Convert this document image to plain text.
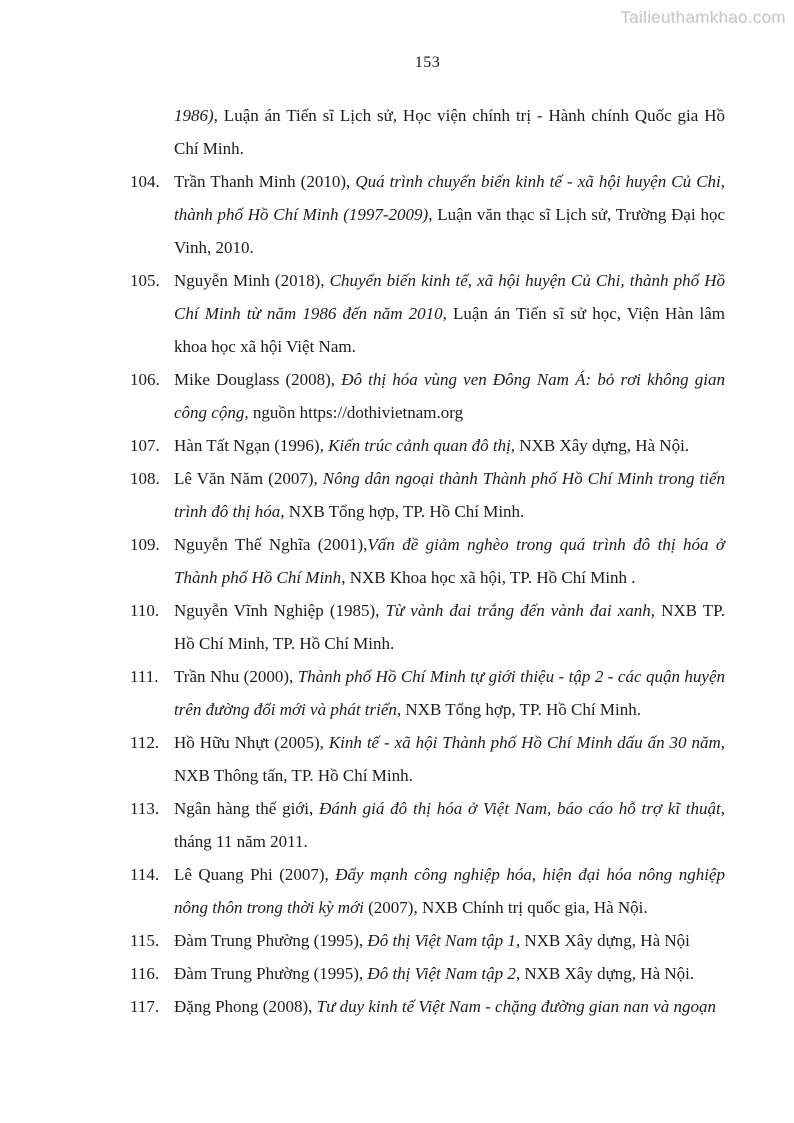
Tailieuthamkhao.com
153
1986), Luận án Tiến sĩ Lịch sử, Học viện chính trị - Hành chính Quốc gia Hồ Chí Minh.
104. Trần Thanh Minh (2010), Quá trình chuyển biến kinh tế - xã hội huyện Củ Chi, thành phố Hồ Chí Minh (1997-2009), Luận văn thạc sĩ Lịch sử, Trường Đại học Vinh, 2010.
105. Nguyễn Minh (2018), Chuyển biến kinh tế, xã hội huyện Củ Chi, thành phố Hồ Chí Minh từ năm 1986 đến năm 2010, Luận án Tiến sĩ sử học, Viện Hàn lâm khoa học xã hội Việt Nam.
106. Mike Douglass (2008), Đô thị hóa vùng ven Đông Nam Á: bỏ rơi không gian công cộng, nguồn https://dothivietnam.org
107. Hàn Tất Ngạn (1996), Kiến trúc cảnh quan đô thị, NXB Xây dựng, Hà Nội.
108. Lê Văn Năm (2007), Nông dân ngoại thành Thành phố Hồ Chí Minh trong tiến trình đô thị hóa, NXB Tổng hợp, TP. Hồ Chí Minh.
109. Nguyễn Thế Nghĩa (2001),Vấn đề giảm nghèo trong quá trình đô thị hóa ở Thành phố Hồ Chí Minh, NXB Khoa học xã hội, TP. Hồ Chí Minh .
110. Nguyễn Vĩnh Nghiệp (1985), Từ vành đai trắng đến vành đai xanh, NXB TP. Hồ Chí Minh, TP. Hồ Chí Minh.
111. Trần Nhu (2000), Thành phố Hồ Chí Minh tự giới thiệu - tập 2 - các quận huyện trên đường đổi mới và phát triển, NXB Tổng hợp, TP. Hồ Chí Minh.
112. Hồ Hữu Nhựt (2005), Kinh tế - xã hội Thành phố Hồ Chí Minh dấu ấn 30 năm, NXB Thông tấn, TP. Hồ Chí Minh.
113. Ngân hàng thế giới, Đánh giá đô thị hóa ở Việt Nam, báo cáo hỗ trợ kĩ thuật, tháng 11 năm 2011.
114. Lê Quang Phi (2007), Đẩy mạnh công nghiệp hóa, hiện đại hóa nông nghiệp nông thôn trong thời kỳ mới (2007), NXB Chính trị quốc gia, Hà Nội.
115. Đàm Trung Phường (1995), Đô thị Việt Nam tập 1, NXB Xây dựng, Hà Nội
116. Đàm Trung Phường (1995), Đô thị Việt Nam tập 2, NXB Xây dựng, Hà Nội.
117. Đặng Phong (2008), Tư duy kinh tế Việt Nam - chặng đường gian nan và ngoạn
